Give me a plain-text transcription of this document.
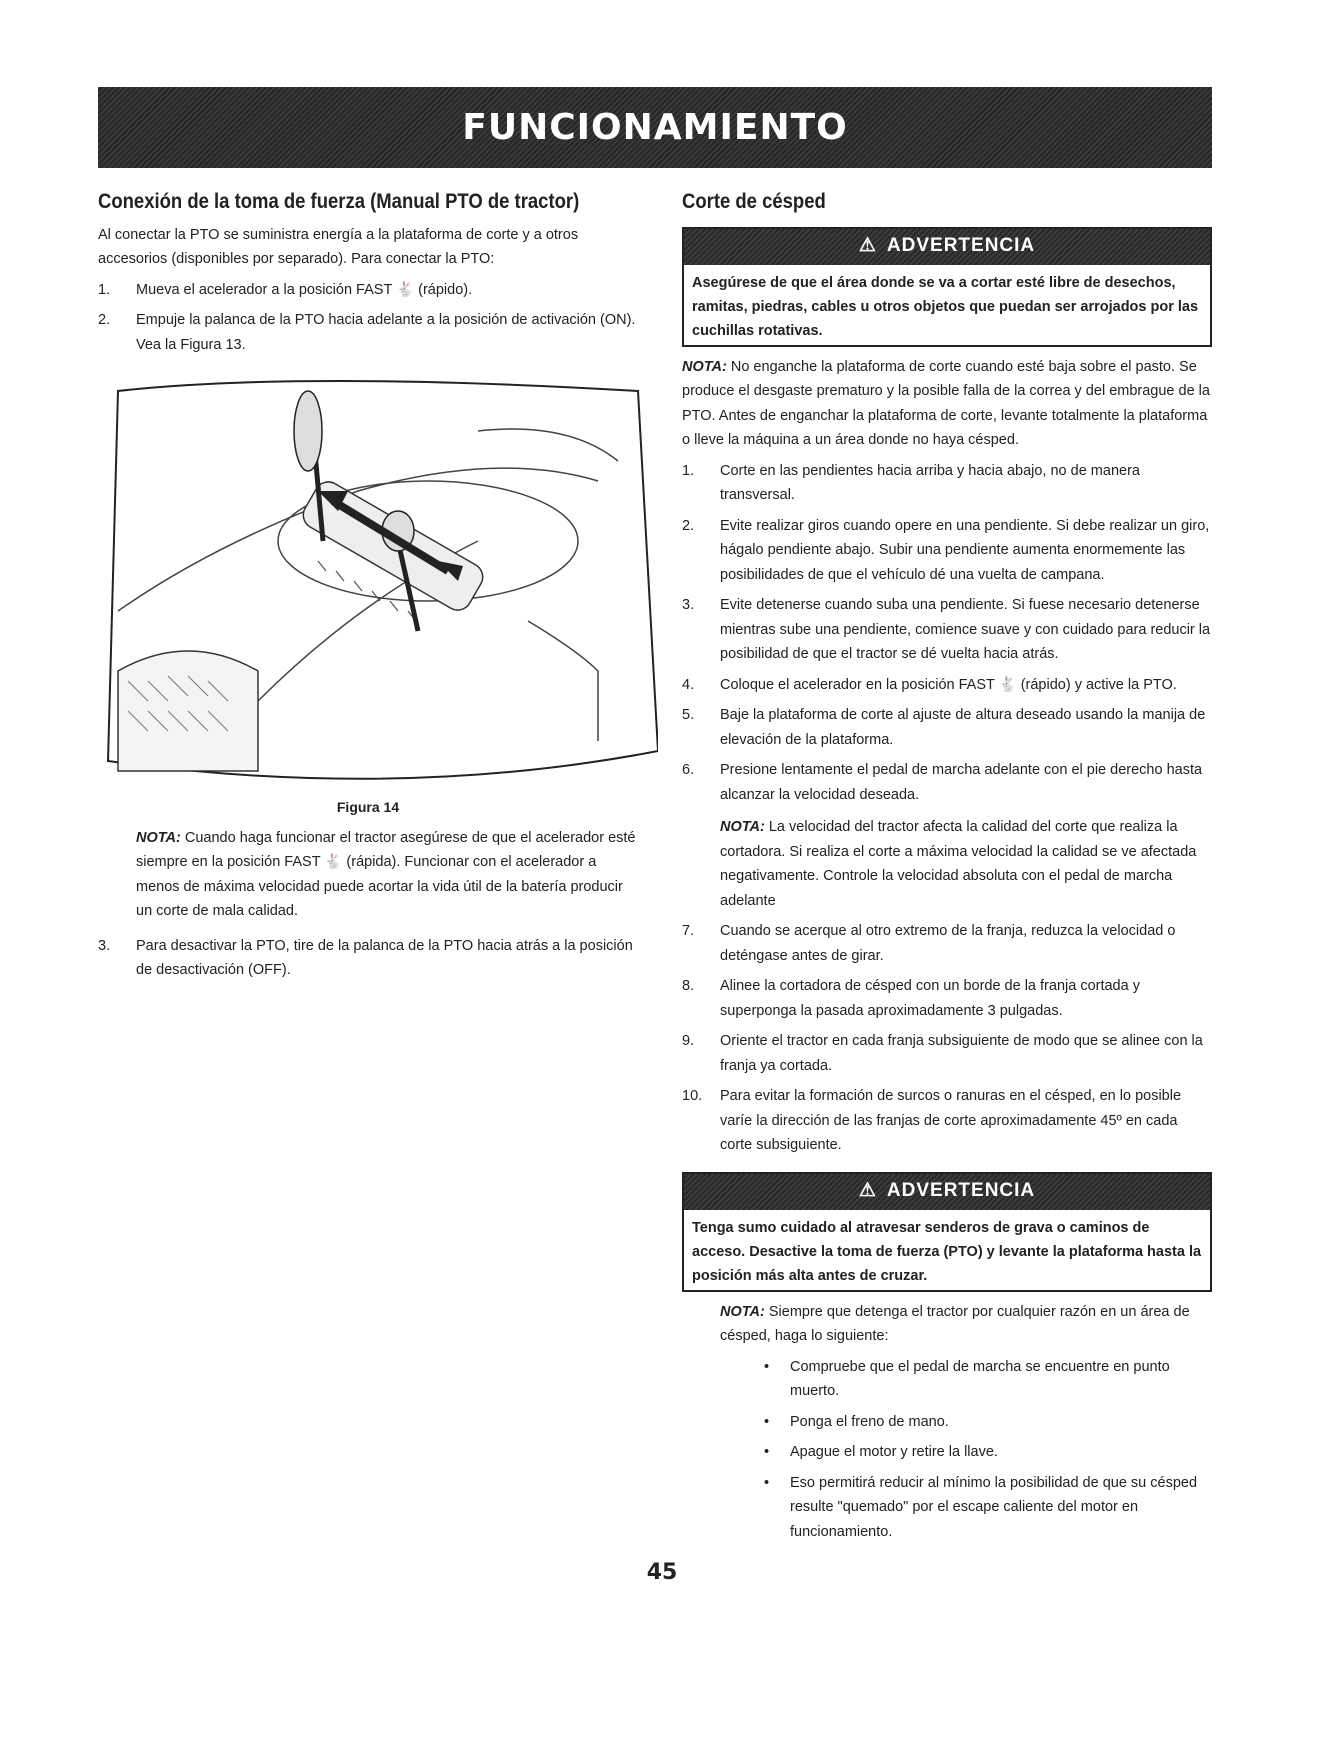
FUNCIONAMIENTO
Conexión de la toma de fuerza (Manual PTO de tractor)

Al conectar la PTO se suministra energía a la plataforma de corte y a otros accesorios (disponibles por separado). Para conectar la PTO:

1.	Mueva el acelerador a la posición FAST 🐇 (rápido).
2.	Empuje la palanca de la PTO hacia adelante a la posición de activación (ON). Vea la Figura 13.
Figura 14

NOTA: Cuando haga funcionar el tractor asegúrese de que el acelerador esté siempre en la posición FAST 🐇 (rápida). Funcionar con el acelerador a menos de máxima velocidad puede acortar la vida útil de la batería producir un corte de mala calidad.

3.	Para desactivar la PTO, tire de la palanca de la PTO hacia atrás a la posición de desactivación (OFF).
Corte de césped
⚠ ADVERTENCIA
Asegúrese de que el área donde se va a cortar esté libre de desechos, ramitas, piedras, cables u otros objetos que puedan ser arrojados por las cuchillas rotativas.

NOTA: No enganche la plataforma de corte cuando esté baja sobre el pasto. Se produce el desgaste prematuro y la posible falla de la correa y del embrague de la PTO. Antes de enganchar la plataforma de corte, levante totalmente la plataforma o lleve la máquina a un área donde no haya césped.

1.	Corte en las pendientes hacia arriba y hacia abajo, no de manera transversal.
2.	Evite realizar giros cuando opere en una pendiente. Si debe realizar un giro, hágalo pendiente abajo. Subir una pendiente aumenta enormemente las posibilidades de que el vehículo dé una vuelta de campana.
3.	Evite detenerse cuando suba una pendiente. Si fuese necesario detenerse mientras sube una pendiente, comience suave y con cuidado para reducir la posibilidad de que el tractor se dé vuelta hacia atrás.
4.	Coloque el acelerador en la posición FAST 🐇 (rápido) y active la PTO.
5.	Baje la plataforma de corte al ajuste de altura deseado usando la manija de elevación de la plataforma.
6.	Presione lentamente el pedal de marcha adelante con el pie derecho hasta alcanzar la velocidad deseada.

NOTA: La velocidad del tractor afecta la calidad del corte que realiza la cortadora. Si realiza el corte a máxima velocidad la calidad se ve afectada negativamente. Controle la velocidad absoluta con el pedal de marcha adelante

7.	Cuando se acerque al otro extremo de la franja, reduzca la velocidad o deténgase antes de girar.
8.	Alinee la cortadora de césped con un borde de la franja cortada y superponga la pasada aproximadamente 3 pulgadas.
9.	Oriente el tractor en cada franja subsiguiente de modo que se alinee con la franja ya cortada.
10.	Para evitar la formación de surcos o ranuras en el césped, en lo posible varíe la dirección de las franjas de corte aproximadamente 45º en cada corte subsiguiente.
⚠ ADVERTENCIA
Tenga sumo cuidado al atravesar senderos de grava o caminos de acceso. Desactive la toma de fuerza (PTO) y levante la plataforma hasta la posición más alta antes de cruzar.

NOTA: Siempre que detenga el tractor por cualquier razón en un área de césped, haga lo siguiente:

•	Compruebe que el pedal de marcha se encuentre en punto muerto.
•	Ponga el freno de mano.
•	Apague el motor y retire la llave.
•	Eso permitirá reducir al mínimo la posibilidad de que su césped resulte "quemado" por el escape caliente del motor en funcionamiento.
45
